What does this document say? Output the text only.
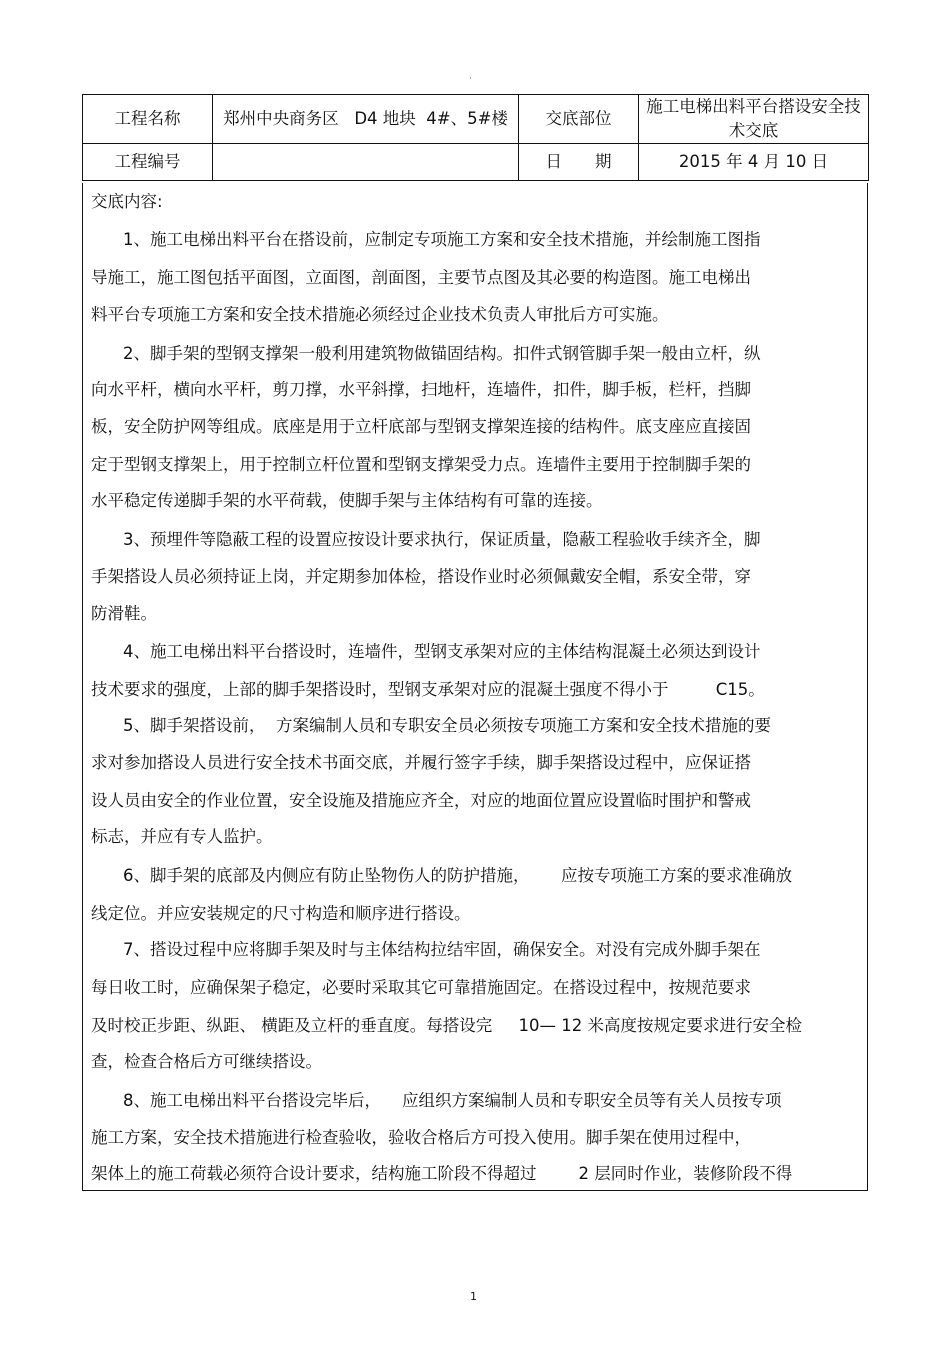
·
工程名称	郑州中央商务区   D4 地块  4#、5#楼	交底部位	施工电梯出料平台搭设安全技术交底
工程编号		日　　期	2015 年 4 月 10 日
交底内容:
1、施工电梯出料平台在搭设前，应制定专项施工方案和安全技术措施，并绘制施工图指
导施工，施工图包括平面图，立面图，剖面图，主要节点图及其必要的构造图。施工电梯出
料平台专项施工方案和安全技术措施必须经过企业技术负责人审批后方可实施。
2、脚手架的型钢支撑架一般利用建筑物做锚固结构。扣件式钢管脚手架一般由立杆，纵
向水平杆，横向水平杆，剪刀撑，水平斜撑，扫地杆，连墙件，扣件，脚手板，栏杆，挡脚
板，安全防护网等组成。底座是用于立杆底部与型钢支撑架连接的结构件。底支座应直接固
定于型钢支撑架上，用于控制立杆位置和型钢支撑架受力点。连墙件主要用于控制脚手架的
水平稳定传递脚手架的水平荷载，使脚手架与主体结构有可靠的连接。
3、预埋件等隐蔽工程的设置应按设计要求执行，保证质量，隐蔽工程验收手续齐全，脚
手架搭设人员必须持证上岗，并定期参加体检，搭设作业时必须佩戴安全帽，系安全带，穿
防滑鞋。
4、施工电梯出料平台搭设时，连墙件，型钢支承架对应的主体结构混凝土必须达到设计
技术要求的强度，上部的脚手架搭设时，型钢支承架对应的混凝土强度不得小于         C15。
5、脚手架搭设前，  方案编制人员和专职安全员必须按专项施工方案和安全技术措施的要
求对参加搭设人员进行安全技术书面交底，并履行签字手续，脚手架搭设过程中，应保证搭
设人员由安全的作业位置，安全设施及措施应齐全，对应的地面位置应设置临时围护和警戒
标志，并应有专人监护。
6、脚手架的底部及内侧应有防止坠物伤人的防护措施，      应按专项施工方案的要求准确放
线定位。并应安装规定的尺寸构造和顺序进行搭设。
7、搭设过程中应将脚手架及时与主体结构拉结牢固，确保安全。对没有完成外脚手架在
每日收工时，应确保架子稳定，必要时采取其它可靠措施固定。在搭设过程中，按规范要求
及时校正步距、纵距、 横距及立杆的垂直度。每搭设完     10— 12 米高度按规定要求进行安全检
查，检查合格后方可继续搭设。
8、施工电梯出料平台搭设完毕后，    应组织方案编制人员和专职安全员等有关人员按专项
施工方案，安全技术措施进行检查验收，验收合格后方可投入使用。脚手架在使用过程中，
架体上的施工荷载必须符合设计要求，结构施工阶段不得超过        2 层同时作业，装修阶段不得
1
